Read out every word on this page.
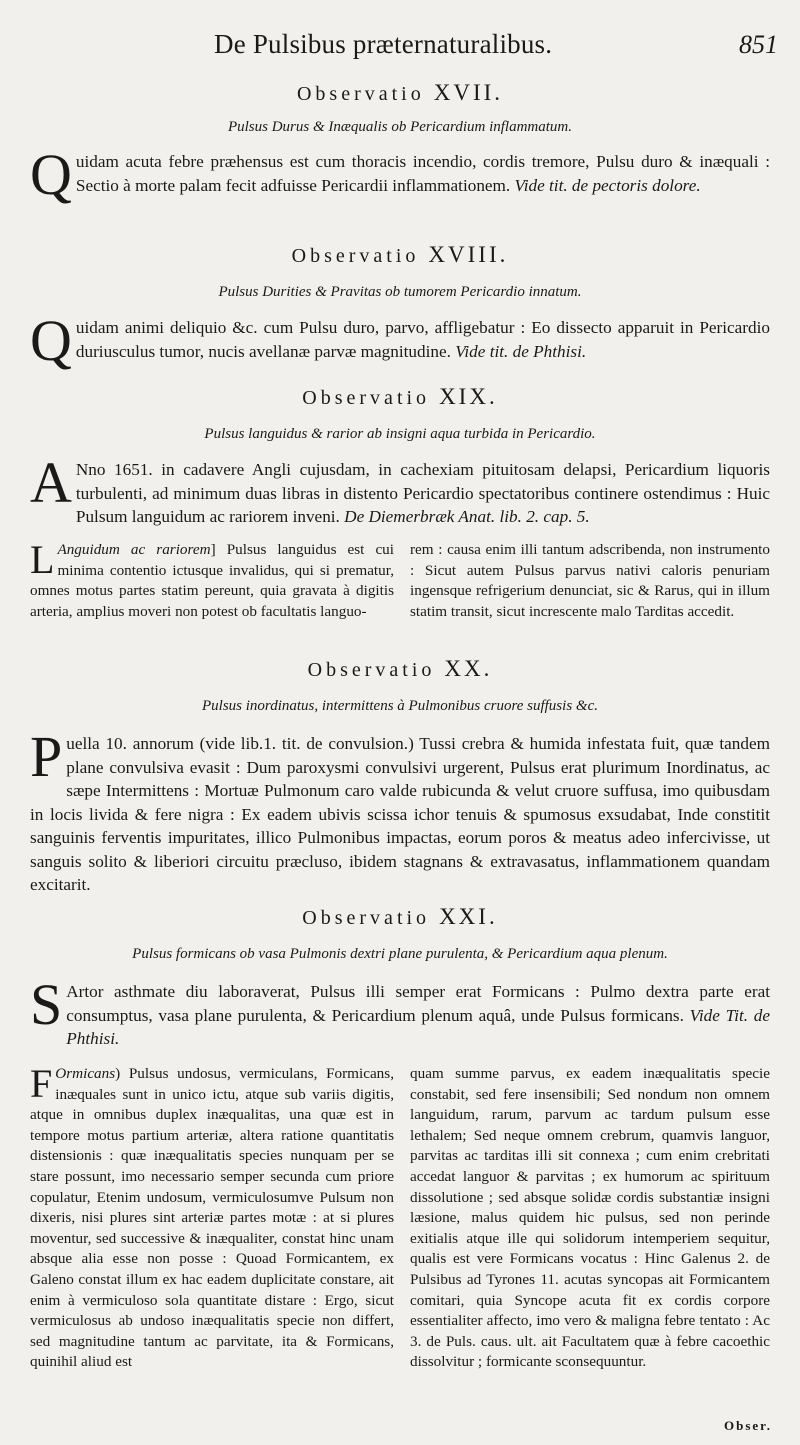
De Pulsibus præternaturalibus.	851
Observatio XVII.
Pulsus Durus & Inæqualis ob Pericardium inflammatum.
Quidam acuta febre præhensus est cum thoracis incendio, cordis tremore, Pulsu duro & inæquali : Sectio à morte palam fecit adfuisse Pericardii inflammationem. Vide tit. de pectoris dolore.
Observatio XVIII.
Pulsus Durities & Pravitas ob tumorem Pericardio innatum.
Quidam animi deliquio &c. cum Pulsu duro, parvo, affligebatur : Eo dissecto apparuit in Pericardio duriusculus tumor, nucis avellanæ parvæ magnitudine. Vide tit. de Phthisi.
Observatio XIX.
Pulsus languidus & rarior ab insigni aqua turbida in Pericardio.
A Nno 1651. in cadavere Angli cujusdam, in cachexiam pituitosam delapsi, Pericardium liquoris turbulenti, ad minimum duas libras in distento Pericardio spectatoribus continere ostendimus : Huic Pulsum languidum ac rariorem inveni. De Diemerbræk Anat. lib. 2. cap. 5.
L Anguidum ac rariorem] Pulsus languidus est cui minima contentio ictusque invalidus, qui si prematur, omnes motus partes statim pereunt, quia gravata à digitis arteria, amplius moveri non potest ob facultatis languo-
rem : causa enim illi tantum adscribenda, non instrumento : Sicut autem Pulsus parvus nativi caloris penuriam ingensque refrigerium denunciat, sic & Rarus, qui in illum statim transit, sicut increscente malo Tarditas accedit.
Observatio XX.
Pulsus inordinatus, intermittens à Pulmonibus cruore suffusis &c.
Puella 10. annorum (vide lib.1. tit. de convulsion.) Tussi crebra & humida infestata fuit, quæ tandem plane convulsiva evasit : Dum paroxysmi convulsivi urgerent, Pulsus erat plurimum Inordinatus, ac sæpe Intermittens : Mortuæ Pulmonum caro valde rubicunda & velut cruore suffusa, imo quibusdam in locis livida & fere nigra : Ex eadem ubivis scissa ichor tenuis & spumosus exsudabat, Inde constitit sanguinis ferventis impuritates, illico Pulmonibus impactas, eorum poros & meatus adeo infercivisse, ut sanguis solito & liberiori circuitu præcluso, ibidem stagnans & extravasatus, inflammationem quandam excitarit.
Observatio XXI.
Pulsus formicans ob vasa Pulmonis dextri plane purulenta, & Pericardium aqua plenum.
S Artor asthmate diu laboraverat, Pulsus illi semper erat Formicans : Pulmo dextra parte erat consumptus, vasa plane purulenta, & Pericardium plenum aquâ, unde Pulsus formicans. Vide Tit. de Phthisi.
F Ormicans) Pulsus undosus, vermiculans, Formicans, inæquales sunt in unico ictu, atque sub variis digitis, atque in omnibus duplex inæqualitas, una quæ est in tempore motus partium arteriæ, altera ratione quantitatis distensionis : quæ inæqualitatis species nunquam per se stare possunt, imo necessario semper secunda cum priore copulatur, Etenim undosum, vermiculosumve Pulsum non dixeris, nisi plures sint arteriæ partes motæ : at si plures moventur, sed successive & inæqualiter, constat hinc unam absque alia esse non posse : Quoad Formicantem, ex Galeno constat illum ex hac eadem duplicitate constare, ait enim à vermiculoso sola quantitate distare : Ergo, sicut vermiculosus ab undoso inæqualitatis specie non differt, sed magnitudine tantum ac parvitate, ita & Formicans, quinihil aliud est
quam summe parvus, ex eadem inæqualitatis specie constabit, sed fere insensibili; Sed nondum non omnem languidum, rarum, parvum ac tardum pulsum esse lethalem; Sed neque omnem crebrum, quamvis languor, parvitas ac tarditas illi sit connexa ; cum enim crebritati accedat languor & parvitas ; ex humorum ac spirituum dissolutione ; sed absque solidæ cordis substantiæ insigni læsione, malus quidem hic pulsus, sed non perinde exitialis atque ille qui solidorum intemperiem sequitur, qualis est vere Formicans vocatus : Hinc Galenus 2. de Pulsibus ad Tyrones 11. acutas syncopas ait Formicantem comitari, quia Syncope acuta fit ex cordis corpore essentialiter affecto, imo vero & maligna febre tentato : Ac 3. de Puls. caus. ult. ait Facultatem quæ à febre cacoethic dissolvitur ; formicante sconsequuntur.
Obser.
